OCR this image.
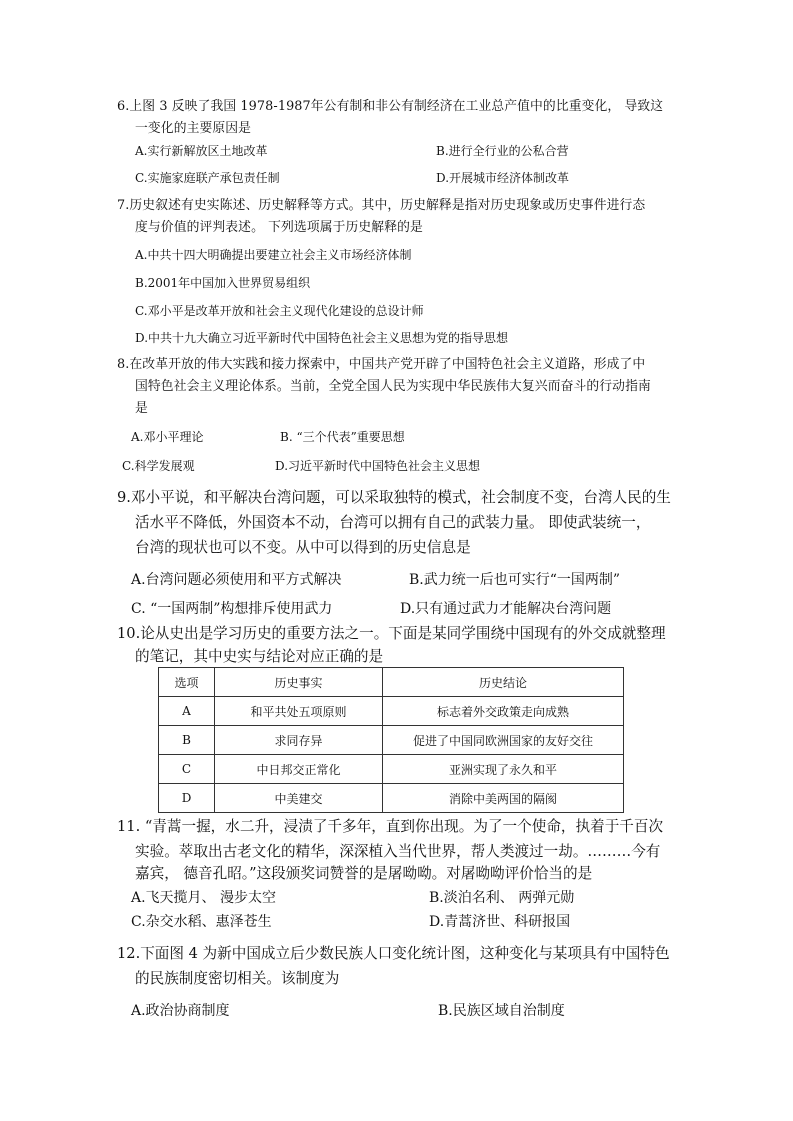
6.上图 3 反映了我国 1978-1987年公有制和非公有制经济在工业总产值中的比重变化， 导致这
一变化的主要原因是
A.实行新解放区土地改革	B.进行全行业的公私合营
C.实施家庭联产承包责任制	D.开展城市经济体制改革
7.历史叙述有史实陈述、历史解释等方式。其中，历史解释是指对历史现象或历史事件进行态
度与价值的评判表述。 下列选项属于历史解释的是
A.中共十四大明确提出要建立社会主义市场经济体制
B.2001年中国加入世界贸易组织
C.邓小平是改革开放和社会主义现代化建设的总设计师
D.中共十九大确立习近平新时代中国特色社会主义思想为党的指导思想
8.在改革开放的伟大实践和接力探索中，中国共产党开辟了中国特色社会主义道路，形成了中
国特色社会主义理论体系。当前，全党全国人民为实现中华民族伟大复兴而奋斗的行动指南
是
A.邓小平理论	B. “三个代表”重要思想
C.科学发展观	D.习近平新时代中国特色社会主义思想
9.邓小平说，和平解决台湾问题，可以采取独特的模式，社会制度不变，台湾人民的生
活水平不降低，外国资本不动，台湾可以拥有自己的武装力量。 即使武装统一，
台湾的现状也可以不变。从中可以得到的历史信息是
A.台湾问题必须使用和平方式解决	B.武力统一后也可实行“一国两制”
C. “一国两制”构想排斥使用武力	D.只有通过武力才能解决台湾问题
10.论从史出是学习历史的重要方法之一。下面是某同学围绕中国现有的外交成就整理
的笔记，其中史实与结论对应正确的是
选项	历史事实	历史结论
A	和平共处五项原则	标志着外交政策走向成熟
B	求同存异	促进了中国同欧洲国家的友好交往
C	中日邦交正常化	亚洲实现了永久和平
D	中美建交	消除中美两国的隔阂
11. “青蒿一握，水二升，浸渍了千多年，直到你出现。为了一个使命，执着于千百次
实验。萃取出古老文化的精华，深深植入当代世界，帮人类渡过一劫。………今有
嘉宾， 德音孔昭。”这段颁奖词赞誉的是屠呦呦。对屠呦呦评价恰当的是
A.飞天揽月、 漫步太空	B.淡泊名利、 两弹元勋
C.杂交水稻、惠泽苍生	D.青蒿济世、科研报国
12.下面图 4 为新中国成立后少数民族人口变化统计图，这种变化与某项具有中国特色
的民族制度密切相关。该制度为
A.政治协商制度	B.民族区域自治制度
